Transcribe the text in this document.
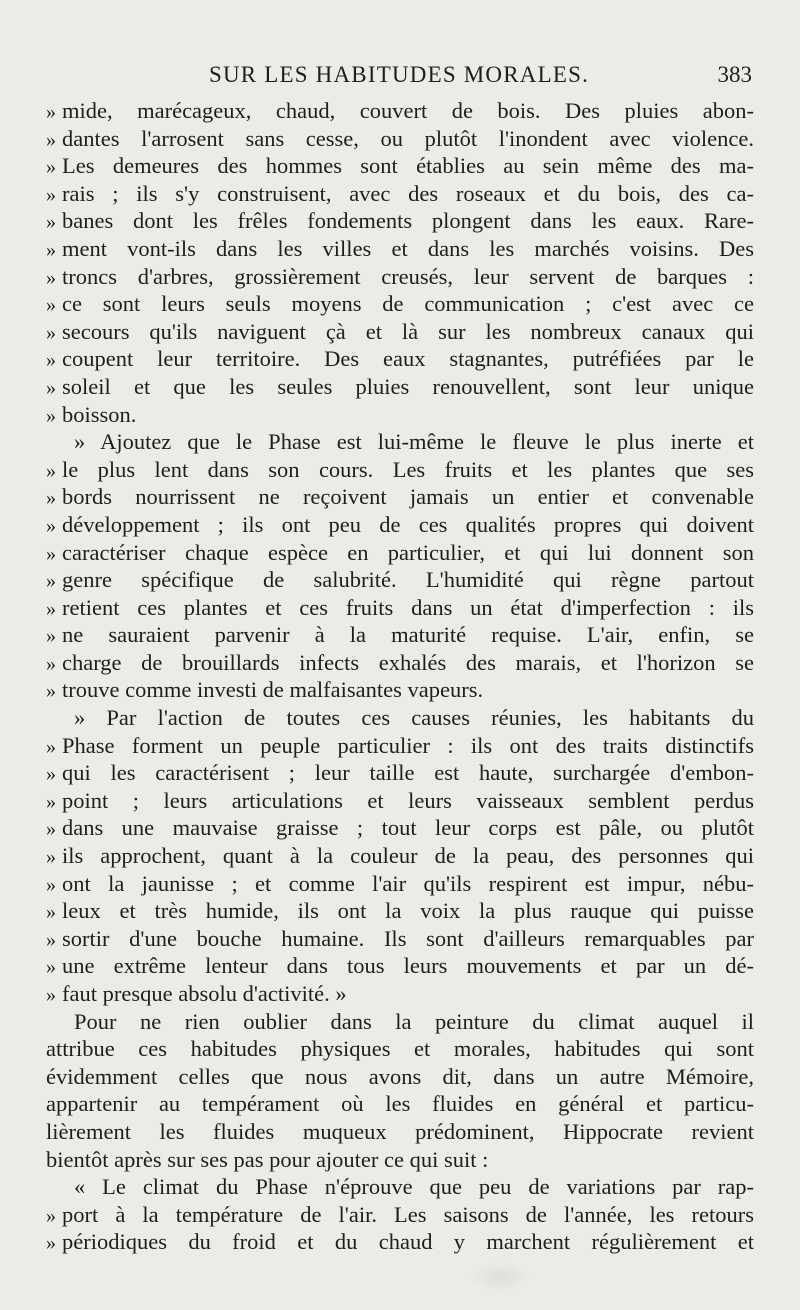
SUR LES HABITUDES MORALES.	383
» mide, marécageux, chaud, couvert de bois. Des pluies abon-
» dantes l'arrosent sans cesse, ou plutôt l'inondent avec violence.
» Les demeures des hommes sont établies au sein même des ma-
» rais ; ils s'y construisent, avec des roseaux et du bois, des ca-
» banes dont les frêles fondements plongent dans les eaux. Rare-
» ment vont-ils dans les villes et dans les marchés voisins. Des
» troncs d'arbres, grossièrement creusés, leur servent de barques :
» ce sont leurs seuls moyens de communication ; c'est avec ce
» secours qu'ils naviguent çà et là sur les nombreux canaux qui
» coupent leur territoire. Des eaux stagnantes, putréfiées par le
» soleil et que les seules pluies renouvellent, sont leur unique
» boisson.
» Ajoutez que le Phase est lui-même le fleuve le plus inerte et
» le plus lent dans son cours. Les fruits et les plantes que ses
» bords nourrissent ne reçoivent jamais un entier et convenable
» développement ; ils ont peu de ces qualités propres qui doivent
» caractériser chaque espèce en particulier, et qui lui donnent son
» genre spécifique de salubrité. L'humidité qui règne partout
» retient ces plantes et ces fruits dans un état d'imperfection : ils
» ne sauraient parvenir à la maturité requise. L'air, enfin, se
» charge de brouillards infects exhalés des marais, et l'horizon se
» trouve comme investi de malfaisantes vapeurs.
» Par l'action de toutes ces causes réunies, les habitants du
» Phase forment un peuple particulier : ils ont des traits distinctifs
» qui les caractérisent ; leur taille est haute, surchargée d'embon-
» point ; leurs articulations et leurs vaisseaux semblent perdus
» dans une mauvaise graisse ; tout leur corps est pâle, ou plutôt
» ils approchent, quant à la couleur de la peau, des personnes qui
» ont la jaunisse ; et comme l'air qu'ils respirent est impur, nébu-
» leux et très humide, ils ont la voix la plus rauque qui puisse
» sortir d'une bouche humaine. Ils sont d'ailleurs remarquables par
» une extrême lenteur dans tous leurs mouvements et par un dé-
» faut presque absolu d'activité. »
Pour ne rien oublier dans la peinture du climat auquel il
attribue ces habitudes physiques et morales, habitudes qui sont
évidemment celles que nous avons dit, dans un autre Mémoire,
appartenir au tempérament où les fluides en général et particu-
lièrement les fluides muqueux prédominent, Hippocrate revient
bientôt après sur ses pas pour ajouter ce qui suit :
« Le climat du Phase n'éprouve que peu de variations par rap-
» port à la température de l'air. Les saisons de l'année, les retours
» périodiques du froid et du chaud y marchent régulièrement et
